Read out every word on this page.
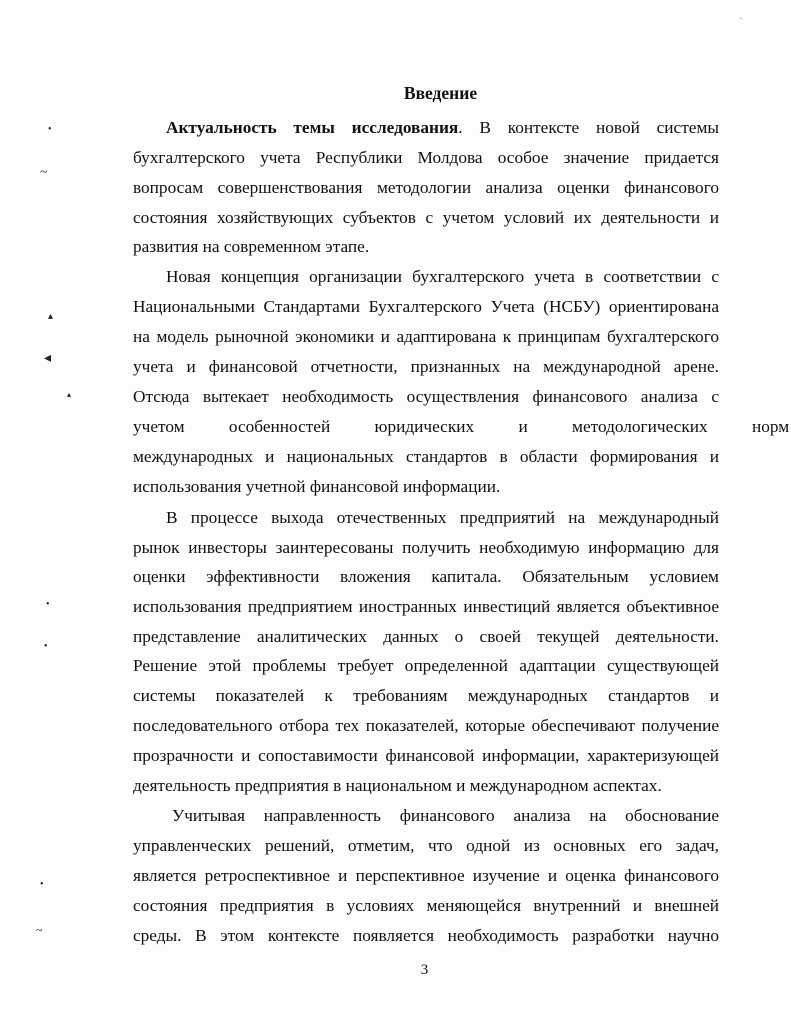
Введение
Актуальность темы исследования. В контексте новой системы
бухгалтерского учета Республики Молдова особое значение придается
вопросам совершенствования методологии анализа оценки финансового
состояния хозяйствующих субъектов с учетом условий их деятельности и
развития на современном этапе.
Новая концепция организации бухгалтерского учета в соответствии с
Национальными Стандартами Бухгалтерского Учета (НСБУ) ориентирована
на модель рыночной экономики и адаптирована к принципам бухгалтерского
учета и финансовой отчетности, признанных на международной арене.
Отсюда вытекает необходимость осуществления финансового анализа с
учетом особенностей юридических и методологических норм
международных и национальных стандартов в области формирования и
использования учетной финансовой информации.
В процессе выхода отечественных предприятий на международный
рынок инвесторы заинтересованы получить необходимую информацию для
оценки эффективности вложения капитала. Обязательным условием
использования предприятием иностранных инвестиций является объективное
представление аналитических данных о своей текущей деятельности.
Решение этой проблемы требует определенной адаптации существующей
системы показателей к требованиям международных стандартов и
последовательного отбора тех показателей, которые обеспечивают получение
прозрачности и сопоставимости финансовой информации, характеризующей
деятельность предприятия в национальном и международном аспектах.
Учитывая направленность финансового анализа на обоснование
управленческих решений, отметим, что одной из основных его задач,
является ретроспективное и перспективное изучение и оценка финансового
состояния предприятия в условиях меняющейся внутренний и внешней
среды. В этом контексте появляется необходимость разработки научно
3
•
~
▴
◂
▴
•
•
•
~
.
